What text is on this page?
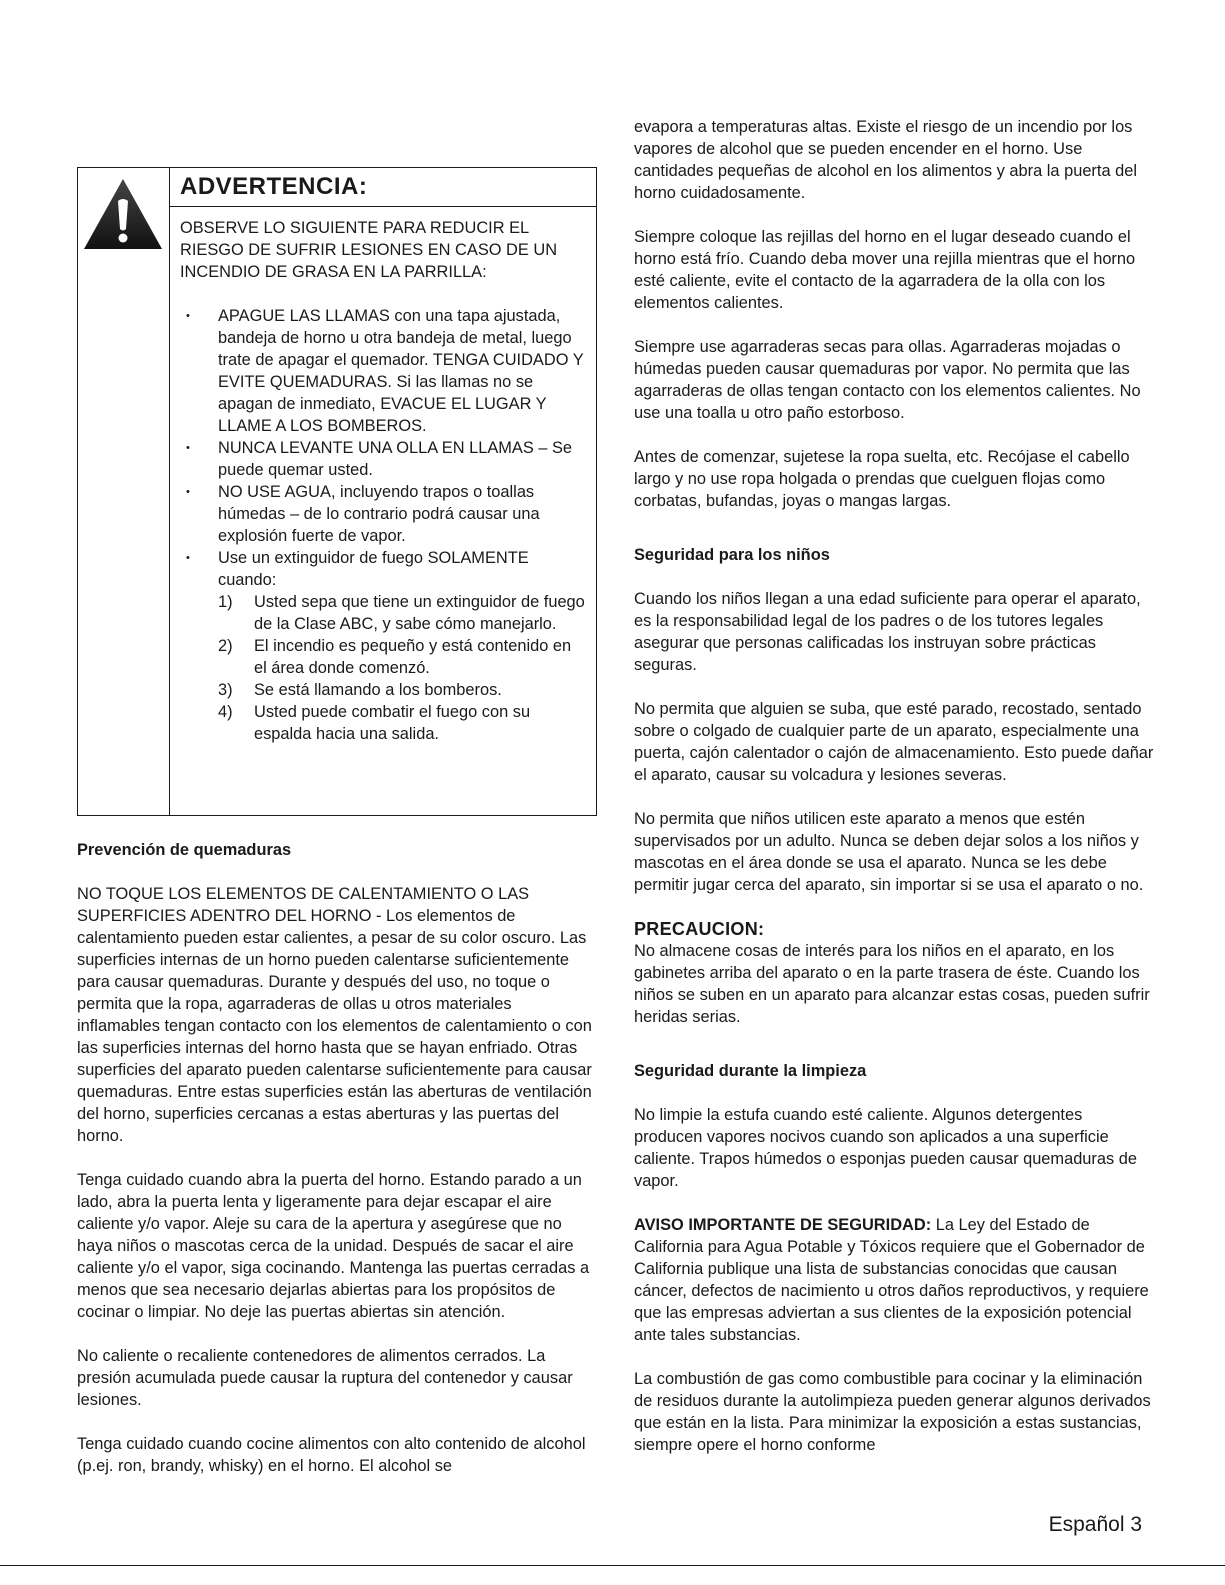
ADVERTENCIA:

OBSERVE LO SIGUIENTE PARA REDUCIR EL RIESGO DE SUFRIR LESIONES EN CASO DE UN INCENDIO DE GRASA EN LA PARRILLA:

• APAGUE LAS LLAMAS con una tapa ajustada, bandeja de horno u otra bandeja de metal, luego trate de apagar el quemador. TENGA CUIDADO Y EVITE QUEMADURAS. Si las llamas no se apagan de inmediato, EVACUE EL LUGAR Y LLAME A LOS BOMBEROS.
• NUNCA LEVANTE UNA OLLA EN LLAMAS – Se puede quemar usted.
• NO USE AGUA, incluyendo trapos o toallas húmedas – de lo contrario podrá causar una explosión fuerte de vapor.
• Use un extinguidor de fuego SOLAMENTE cuando:
1) Usted sepa que tiene un extinguidor de fuego de la Clase ABC, y sabe cómo manejarlo.
2) El incendio es pequeño y está contenido en el área donde comenzó.
3) Se está llamando a los bomberos.
4) Usted puede combatir el fuego con su espalda hacia una salida.
Prevención de quemaduras

NO TOQUE LOS ELEMENTOS DE CALENTAMIENTO O LAS SUPERFICIES ADENTRO DEL HORNO - Los elementos de calentamiento pueden estar calientes, a pesar de su color oscuro. Las superficies internas de un horno pueden calentarse suficientemente para causar quemaduras. Durante y después del uso, no toque o permita que la ropa, agarraderas de ollas u otros materiales inflamables tengan contacto con los elementos de calentamiento o con las superficies internas del horno hasta que se hayan enfriado. Otras superficies del aparato pueden calentarse suficientemente para causar quemaduras. Entre estas superficies están las aberturas de ventilación del horno, superficies cercanas a estas aberturas y las puertas del horno.

Tenga cuidado cuando abra la puerta del horno. Estando parado a un lado, abra la puerta lenta y ligeramente para dejar escapar el aire caliente y/o vapor. Aleje su cara de la apertura y asegúrese que no haya niños o mascotas cerca de la unidad. Después de sacar el aire caliente y/o el vapor, siga cocinando. Mantenga las puertas cerradas a menos que sea necesario dejarlas abiertas para los propósitos de cocinar o limpiar. No deje las puertas abiertas sin atención.

No caliente o recaliente contenedores de alimentos cerrados. La presión acumulada puede causar la ruptura del contenedor y causar lesiones.

Tenga cuidado cuando cocine alimentos con alto contenido de alcohol (p.ej. ron, brandy, whisky) en el horno. El alcohol se

evapora a temperaturas altas. Existe el riesgo de un incendio por los vapores de alcohol que se pueden encender en el horno. Use cantidades pequeñas de alcohol en los alimentos y abra la puerta del horno cuidadosamente.

Siempre coloque las rejillas del horno en el lugar deseado cuando el horno está frío. Cuando deba mover una rejilla mientras que el horno esté caliente, evite el contacto de la agarradera de la olla con los elementos calientes.

Siempre use agarraderas secas para ollas. Agarraderas mojadas o húmedas pueden causar quemaduras por vapor. No permita que las agarraderas de ollas tengan contacto con los elementos calientes. No use una toalla u otro paño estorboso.

Antes de comenzar, sujetese la ropa suelta, etc. Recójase el cabello largo y no use ropa holgada o prendas que cuelguen flojas como corbatas, bufandas, joyas o mangas largas.

Seguridad para los niños

Cuando los niños llegan a una edad suficiente para operar el aparato, es la responsabilidad legal de los padres o de los tutores legales asegurar que personas calificadas los instruyan sobre prácticas seguras.

No permita que alguien se suba, que esté parado, recostado, sentado sobre o colgado de cualquier parte de un aparato, especialmente una puerta, cajón calentador o cajón de almacenamiento. Esto puede dañar el aparato, causar su volcadura y lesiones severas.

No permita que niños utilicen este aparato a menos que estén supervisados por un adulto. Nunca se deben dejar solos a los niños y mascotas en el área donde se usa el aparato. Nunca se les debe permitir jugar cerca del aparato, sin importar si se usa el aparato o no.

PRECAUCION:

No almacene cosas de interés para los niños en el aparato, en los gabinetes arriba del aparato o en la parte trasera de éste. Cuando los niños se suben en un aparato para alcanzar estas cosas, pueden sufrir heridas serias.

Seguridad durante la limpieza

No limpie la estufa cuando esté caliente. Algunos detergentes producen vapores nocivos cuando son aplicados a una superficie caliente. Trapos húmedos o esponjas pueden causar quemaduras de vapor.

AVISO IMPORTANTE DE SEGURIDAD: La Ley del Estado de California para Agua Potable y Tóxicos requiere que el Gobernador de California publique una lista de substancias conocidas que causan cáncer, defectos de nacimiento u otros daños reproductivos, y requiere que las empresas adviertan a sus clientes de la exposición potencial ante tales substancias.

La combustión de gas como combustible para cocinar y la eliminación de residuos durante la autolimpieza pueden generar algunos derivados que están en la lista. Para minimizar la exposición a estas sustancias, siempre opere el horno conforme

Español 3
